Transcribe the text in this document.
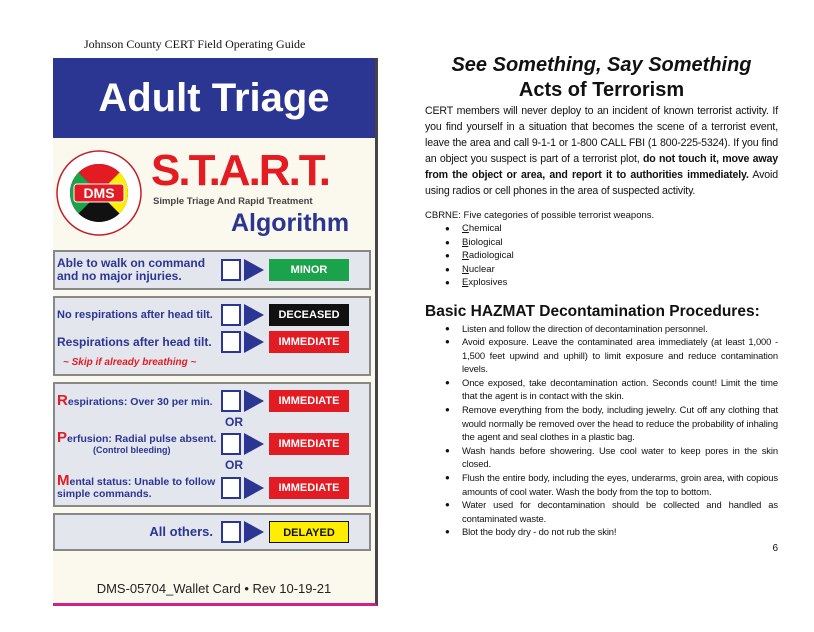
Johnson County CERT Field Operating Guide
Adult Triage
DMS S.T.A.R.T.
Simple Triage And Rapid Treatment
Algorithm
Able to walk on command and no major injuries.	MINOR
No respirations after head tilt.	DECEASED
Respirations after head tilt.	IMMEDIATE
~ Skip if already breathing ~
Respirations: Over 30 per min.	IMMEDIATE
OR
Perfusion: Radial pulse absent.
(Control bleeding)	IMMEDIATE
OR
Mental status: Unable to follow simple commands.
IMMEDIATE
All others.	DELAYED
DMS-05704_Wallet Card • Rev 10-19-21
See Something, Say Something
Acts of Terrorism
CERT members will never deploy to an incident of known terrorist activity. If you find yourself in a situation that becomes the scene of a terrorist event, leave the area and call 9-1-1 or 1-800 CALL FBI (1 800-225-5324). If you find an object you suspect is part of a terrorist plot, do not touch it, move away from the object or area, and report it to authorities immediately. Avoid using radios or cell phones in the area of suspected activity.
CBRNE: Five categories of possible terrorist weapons.
● Chemical
● Biological
● Radiological
● Nuclear
● Explosives
Basic HAZMAT Decontamination Procedures:
● Listen and follow the direction of decontamination personnel.
● Avoid exposure. Leave the contaminated area immediately (at least 1,000 - 1,500 feet upwind and uphill) to limit exposure and reduce contamination levels.
● Once exposed, take decontamination action. Seconds count! Limit the time that the agent is in contact with the skin.
● Remove everything from the body, including jewelry. Cut off any clothing that would normally be removed over the head to reduce the probability of inhaling the agent and seal clothes in a plastic bag.
● Wash hands before showering. Use cool water to keep pores in the skin closed.
● Flush the entire body, including the eyes, underarms, groin area, with copious amounts of cool water. Wash the body from the top to bottom.
● Water used for decontamination should be collected and handled as contaminated waste.
● Blot the body dry - do not rub the skin!
6
